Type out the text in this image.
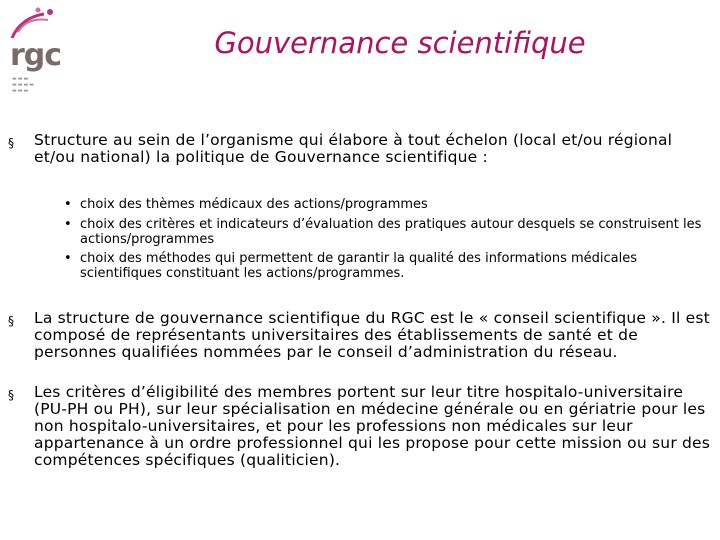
rgc
▬▬▬
▬▬▬▬
▬▬▬
Gouvernance scientifique
§ Structure au sein de l’organisme qui élabore à tout échelon (local et/ou régional et/ou national) la politique de Gouvernance scientifique :
• choix des thèmes médicaux des actions/programmes
• choix des critères et indicateurs d’évaluation des pratiques autour desquels se construisent les actions/programmes
• choix des méthodes qui permettent de garantir la qualité des informations médicales scientifiques constituant les actions/programmes.
§ La structure de gouvernance scientifique du RGC est le « conseil scientifique ». Il est composé de représentants universitaires des établissements de santé et de personnes qualifiées nommées par le conseil d’administration du réseau.
§ Les critères d’éligibilité des membres portent sur leur titre hospitalo-universitaire (PU-PH ou PH), sur leur spécialisation en médecine générale ou en gériatrie pour les non hospitalo-universitaires, et pour les professions non médicales sur leur appartenance à un ordre professionnel qui les propose pour cette mission ou sur des compétences spécifiques (qualiticien).
